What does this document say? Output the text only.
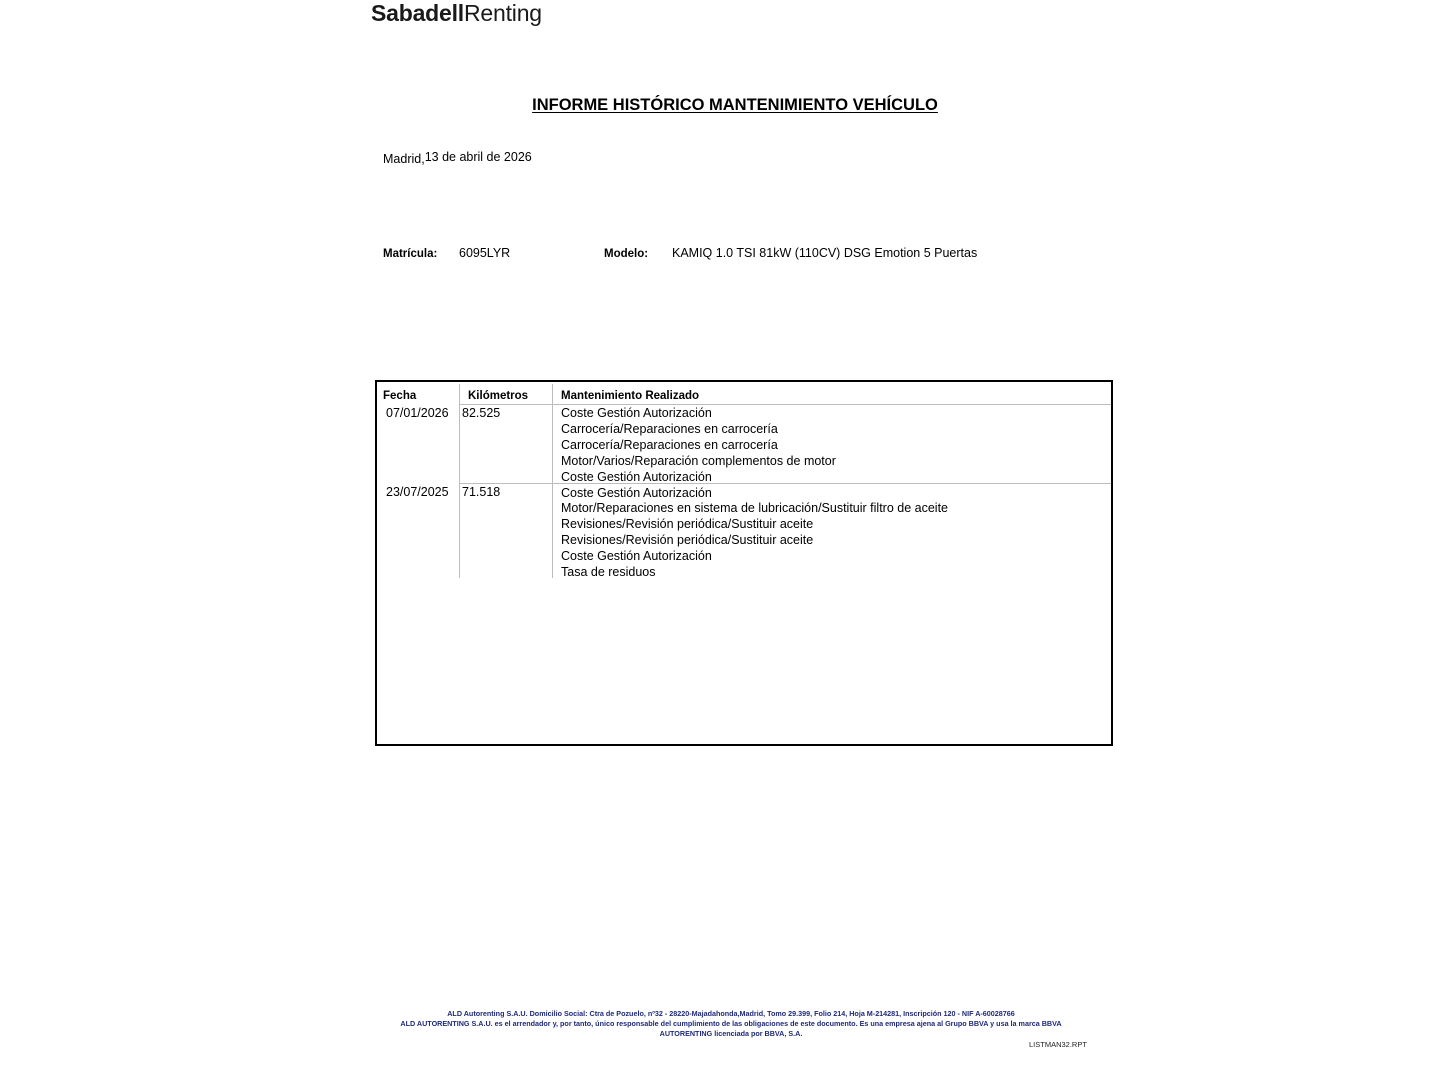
SabadellRenting
INFORME HISTÓRICO MANTENIMIENTO VEHÍCULO
Madrid,13 de abril de 2026
Matrícula: 6095LYR	Modelo: KAMIQ 1.0 TSI 81kW (110CV) DSG Emotion 5 Puertas
Fecha	Kilómetros	Mantenimiento Realizado
07/01/2026 82.525	Coste Gestión Autorización
Carrocería/Reparaciones en carrocería
Carrocería/Reparaciones en carrocería
Motor/Varios/Reparación complementos de motor
Coste Gestión Autorización
23/07/2025 71.518	Coste Gestión Autorización
Motor/Reparaciones en sistema de lubricación/Sustituir filtro de aceite
Revisiones/Revisión periódica/Sustituir aceite
Revisiones/Revisión periódica/Sustituir aceite
Coste Gestión Autorización
Tasa de residuos
ALD Autorenting S.A.U. Domicilio Social: Ctra de Pozuelo, nº32 - 28220-Majadahonda,Madrid, Tomo 29.399, Folio 214, Hoja M-214281, Inscripción 120 - NIF A-60028766
ALD AUTORENTING S.A.U. es el arrendador y, por tanto, único responsable del cumplimiento de las obligaciones de este documento. Es una empresa ajena al Grupo BBVA y usa la marca BBVA
AUTORENTING licenciada por BBVA, S.A.
LISTMAN32.RPT
